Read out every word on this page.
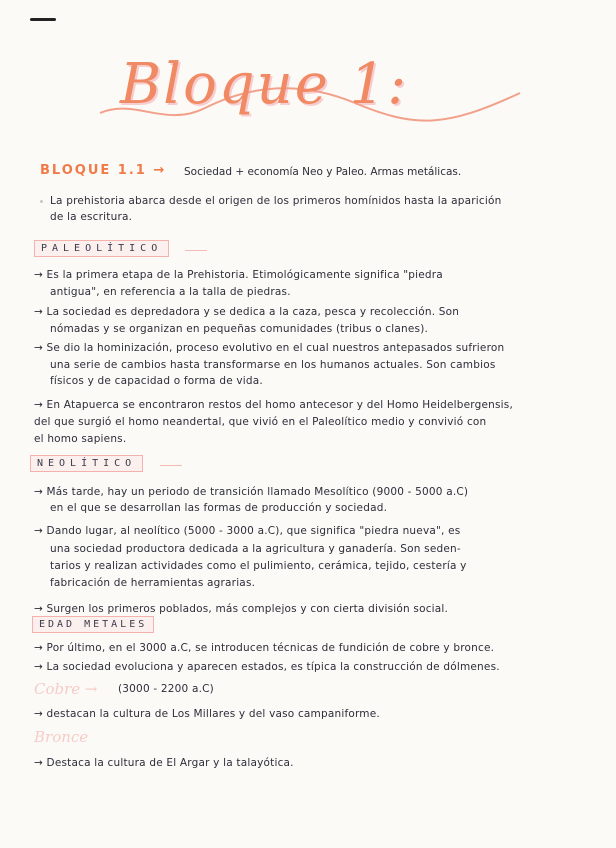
Bloque 1:
BLOQUE 1.1 → Sociedad + economía Neo y Paleo. Armas metálicas.
La prehistoria abarca desde el origen de los primeros homínidos hasta la aparición
de la escritura.
PALEOLÍTICO
→ Es la primera etapa de la Prehistoria. Etimológicamente significa "piedra
antigua", en referencia a la talla de piedras.
→ La sociedad es depredadora y se dedica a la caza, pesca y recolección. Son
nómadas y se organizan en pequeñas comunidades (tribus o clanes).
→ Se dio la hominización, proceso evolutivo en el cual nuestros antepasados sufrieron
una serie de cambios hasta transformarse en los humanos actuales. Son cambios
físicos y de capacidad o forma de vida.
→ En Atapuerca se encontraron restos del homo antecesor y del Homo Heidelbergensis,
del que surgió el homo neandertal, que vivió en el Paleolítico medio y convivió con
el homo sapiens.
NEOLÍTICO
→ Más tarde, hay un periodo de transición llamado Mesolítico (9000 - 5000 a.C)
en el que se desarrollan las formas de producción y sociedad.
→ Dando lugar, al neolítico (5000 - 3000 a.C), que significa "piedra nueva", es
una sociedad productora dedicada a la agricultura y ganadería. Son seden-
tarios y realizan actividades como el pulimiento, cerámica, tejido, cestería y
fabricación de herramientas agrarias.
→ Surgen los primeros poblados, más complejos y con cierta división social.
EDAD METALES
→ Por último, en el 3000 a.C, se introducen técnicas de fundición de cobre y bronce.
→ La sociedad evoluciona y aparecen estados, es típica la construcción de dólmenes.
Cobre → (3000 - 2200 a.C)
→ destacan la cultura de Los Millares y del vaso campaniforme.
Bronce
→ Destaca la cultura de El Argar y la talayótica.
